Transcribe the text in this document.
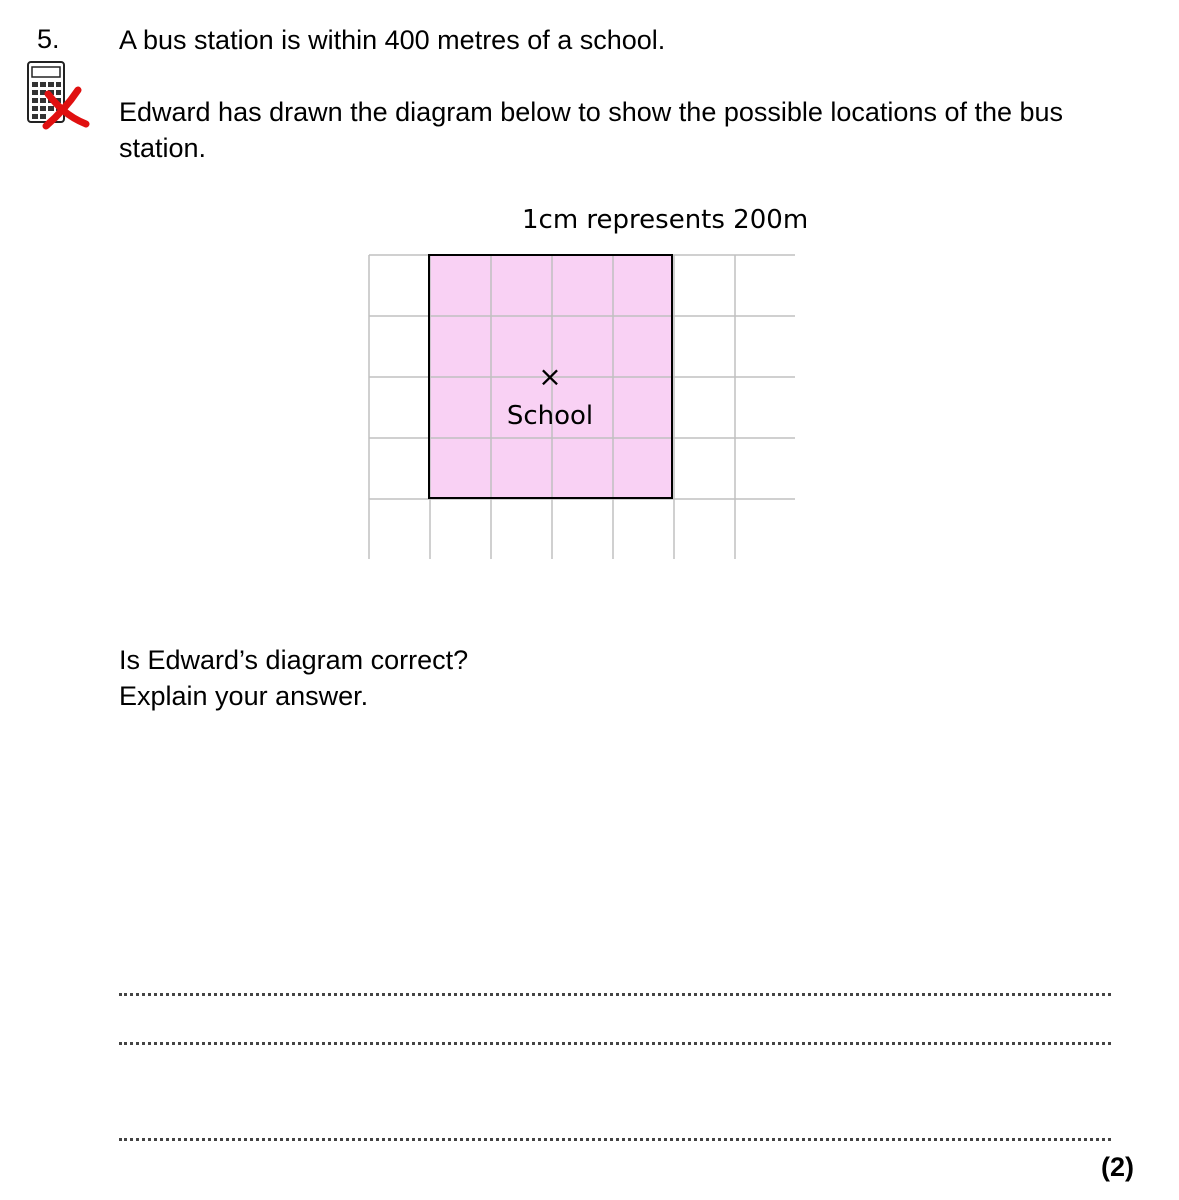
5. A bus station is within 400 metres of a school.
Edward has drawn the diagram below to show the possible locations of the bus station.
1cm represents 200m
×
School
Is Edward’s diagram correct?
Explain your answer.
(2)
